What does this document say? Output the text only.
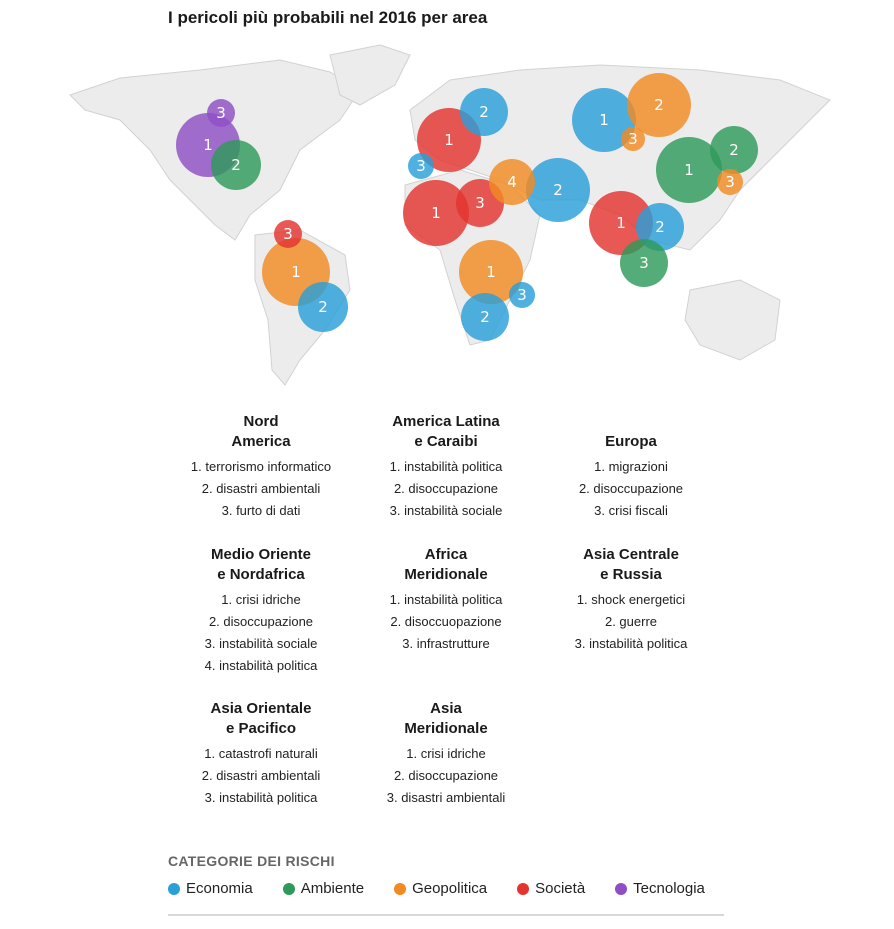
I pericoli più probabili nel 2016 per area
1
2
3
1
2
3
1
2
3
1
2
3
4
1
2
3
1
2
3
1
2
3
1 2
3
Nord
America
1. terrorismo informatico
2. disastri ambientali
3. furto di dati
America Latina
e Caraibi
1. instabilità politica
2. disoccupazione
3. instabilità sociale
Europa
1. migrazioni
2. disoccupazione
3. crisi fiscali
Medio Oriente
e Nordafrica
1. crisi idriche
2. disoccupazione
3. instabilità sociale
4. instabilità politica
Africa
Meridionale
1. instabilità politica
2. disoccuopazione
3. infrastrutture
Asia Centrale
e Russia
1. shock energetici
2. guerre
3. instabilità politica
Asia Orientale
e Pacifico
1. catastrofi naturali
2. disastri ambientali
3. instabilità politica
Asia
Meridionale
1. crisi idriche
2. disoccupazione
3. disastri ambientali
CATEGORIE DEI RISCHI
Economia	Ambiente	Geopolitica	Società	Tecnologia
